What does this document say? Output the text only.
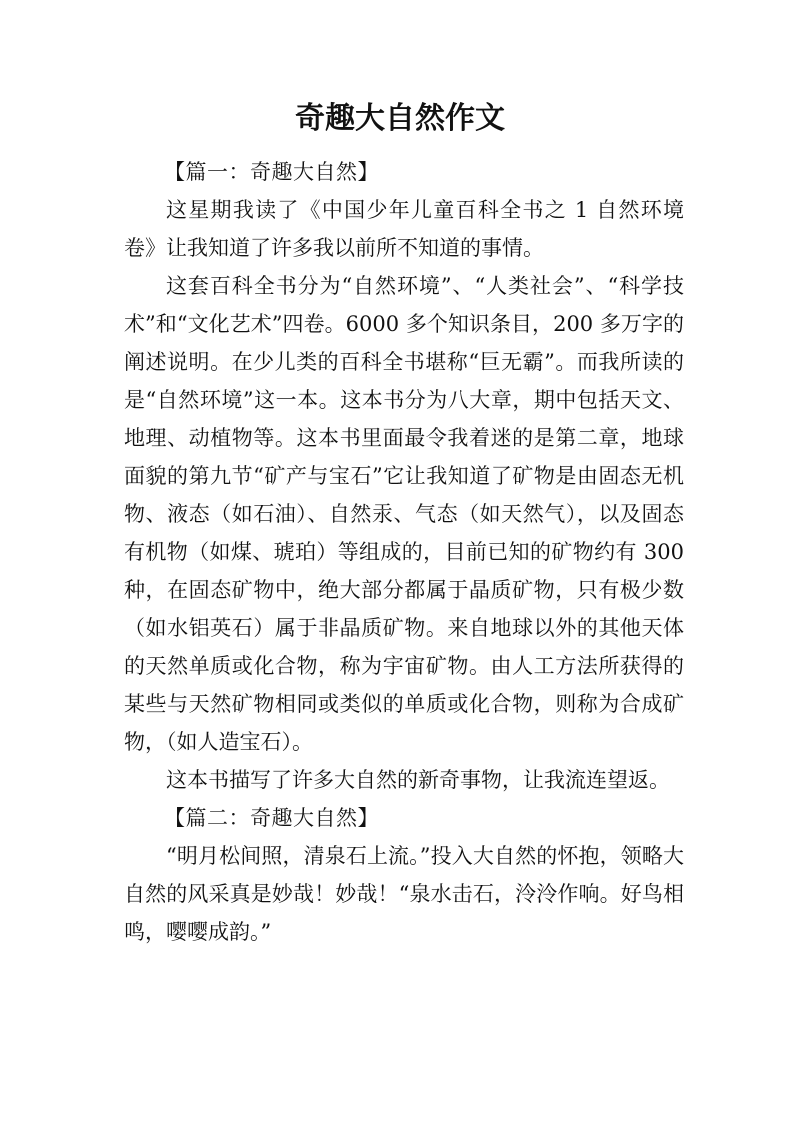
奇趣大自然作文

【篇一：奇趣大自然】

这星期我读了《中国少年儿童百科全书之 1 自然环境卷》让我知道了许多我以前所不知道的事情。

这套百科全书分为“自然环境”、“人类社会”、“科学技术”和“文化艺术”四卷。6000 多个知识条目，200 多万字的阐述说明。在少儿类的百科全书堪称“巨无霸”。而我所读的是“自然环境”这一本。这本书分为八大章，期中包括天文、地理、动植物等。这本书里面最令我着迷的是第二章，地球面貌的第九节“矿产与宝石”它让我知道了矿物是由固态无机物、液态（如石油）、自然汞、气态（如天然气），以及固态有机物（如煤、琥珀）等组成的，目前已知的矿物约有 300 种，在固态矿物中，绝大部分都属于晶质矿物，只有极少数（如水铝英石）属于非晶质矿物。来自地球以外的其他天体的天然单质或化合物，称为宇宙矿物。由人工方法所获得的某些与天然矿物相同或类似的单质或化合物，则称为合成矿物，（如人造宝石）。

这本书描写了许多大自然的新奇事物，让我流连望返。

【篇二：奇趣大自然】

“明月松间照，清泉石上流。”投入大自然的怀抱，领略大自然的风采真是妙哉！妙哉！“泉水击石，泠泠作响。好鸟相鸣，嘤嘤成韵。”
